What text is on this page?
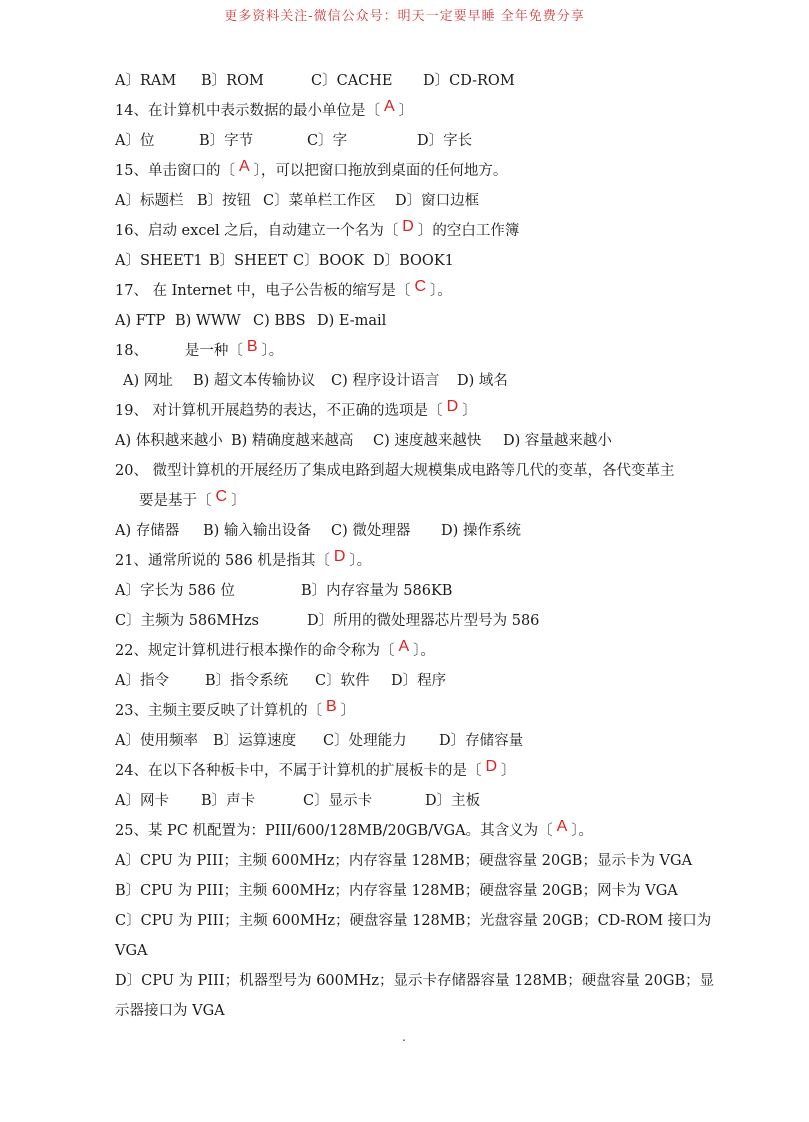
更多资料关注-微信公众号：明天一定要早睡 全年免费分享
A〕RAM B〕ROM	C〕CACHE D〕CD-ROM
14、在计算机中表示数据的最小单位是〔 A 〕
A〕位	B〕字节	C〕字	D〕字长
15、单击窗口的〔 A 〕，可以把窗口拖放到桌面的任何地方。
A〕标题栏 B〕按钮 C〕菜单栏工作区 D〕窗口边框
16、启动 excel 之后，自动建立一个名为〔 D 〕的空白工作簿
A〕SHEET1 B〕SHEET C〕BOOK D〕BOOK1
17、 在 Internet 中，电子公告板的缩写是〔 C 〕。
A) FTP B) WWW C) BBS D) E-mail
18、        是一种〔 B 〕。
A) 网址 B) 超文本传输协议 C) 程序设计语言 D) 域名
19、 对计算机开展趋势的表达，不正确的选项是〔 D 〕
A) 体积越来越小 B) 精确度越来越高 C) 速度越来越快 D) 容量越来越小
20、 微型计算机的开展经历了集成电路到超大规模集成电路等几代的变革，各代变革主
要是基于〔 C 〕
A) 存储器 B) 输入输出设备 C) 微处理器 D) 操作系统
21、通常所说的 586 机是指其〔 D 〕。
A〕字长为 586 位	B〕内存容量为 586KB
C〕主频为 586MHzs	D〕所用的微处理器芯片型号为 586
22、规定计算机进行根本操作的命令称为〔 A 〕。
A〕指令 B〕指令系统 C〕软件 D〕程序
23、主频主要反映了计算机的〔 B 〕
A〕使用频率 B〕运算速度 C〕处理能力 D〕存储容量
24、在以下各种板卡中，不属于计算机的扩展板卡的是〔 D 〕
A〕网卡 B〕声卡	C〕显示卡	D〕主板
25、某 PC 机配置为：PIII/600/128MB/20GB/VGA。其含义为〔 A 〕。
A〕CPU 为 PIII；主频 600MHz；内存容量 128MB；硬盘容量 20GB；显示卡为 VGA
B〕CPU 为 PIII；主频 600MHz；内存容量 128MB；硬盘容量 20GB；网卡为 VGA
C〕CPU 为 PIII；主频 600MHz；硬盘容量 128MB；光盘容量 20GB；CD-ROM 接口为
VGA
D〕CPU 为 PIII；机器型号为 600MHz；显示卡存储器容量 128MB；硬盘容量 20GB；显
示器接口为 VGA
.
